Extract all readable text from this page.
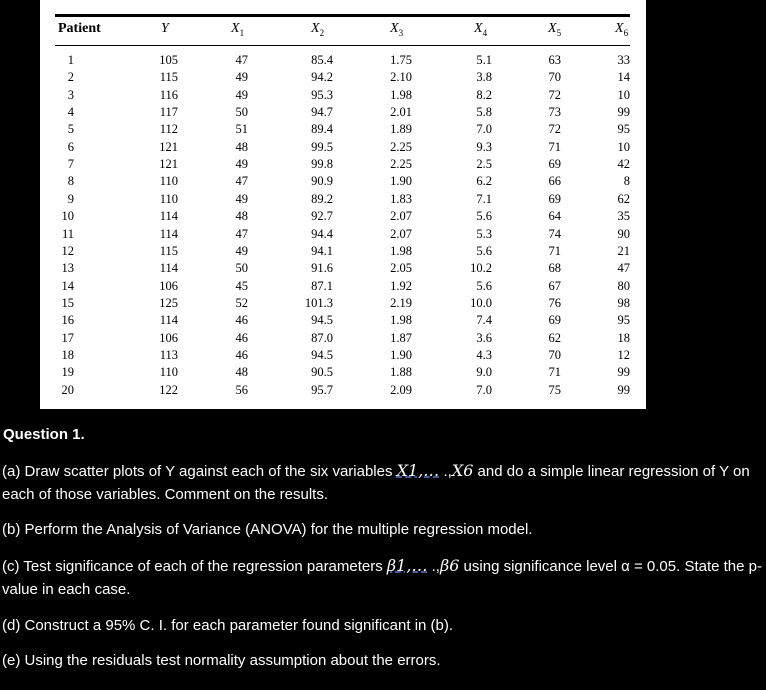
Patient	Y	$X_1$	$X_2$	$X_3$	$X_4$	$X_5$	$X_6$
1	105	47	85.4	1.75	5.1	63	33
2	115	49	94.2	2.10	3.8	70	14
3	116	49	95.3	1.98	8.2	72	10
4	117	50	94.7	2.01	5.8	73	99
5	112	51	89.4	1.89	7.0	72	95
6	121	48	99.5	2.25	9.3	71	10
7	121	49	99.8	2.25	2.5	69	42
8	110	47	90.9	1.90	6.2	66	8
9	110	49	89.2	1.83	7.1	69	62
10	114	48	92.7	2.07	5.6	64	35
11	114	47	94.4	2.07	5.3	74	90
12	115	49	94.1	1.98	5.6	71	21
13	114	50	91.6	2.05	10.2	68	47
14	106	45	87.1	1.92	5.6	67	80
15	125	52	101.3	2.19	10.0	76	98
16	114	46	94.5	1.98	7.4	69	95
17	106	46	87.0	1.87	3.6	62	18
18	113	46	94.5	1.90	4.3	70	12
19	110	48	90.5	1.88	9.0	71	99
20	122	56	95.7	2.09	7.0	75	99
Question 1.
(a) Draw scatter plots of Y against each of the six variables X1,… .,X6 and do a simple linear regression of Y on each of those variables. Comment on the results.
(b) Perform the Analysis of Variance (ANOVA) for the multiple regression model.
(c) Test significance of each of the regression parameters β1,… .,β6 using significance level α = 0.05. State the p-value in each case.
(d) Construct a 95% C. I. for each parameter found significant in (b).
(e) Using the residuals test normality assumption about the errors.
